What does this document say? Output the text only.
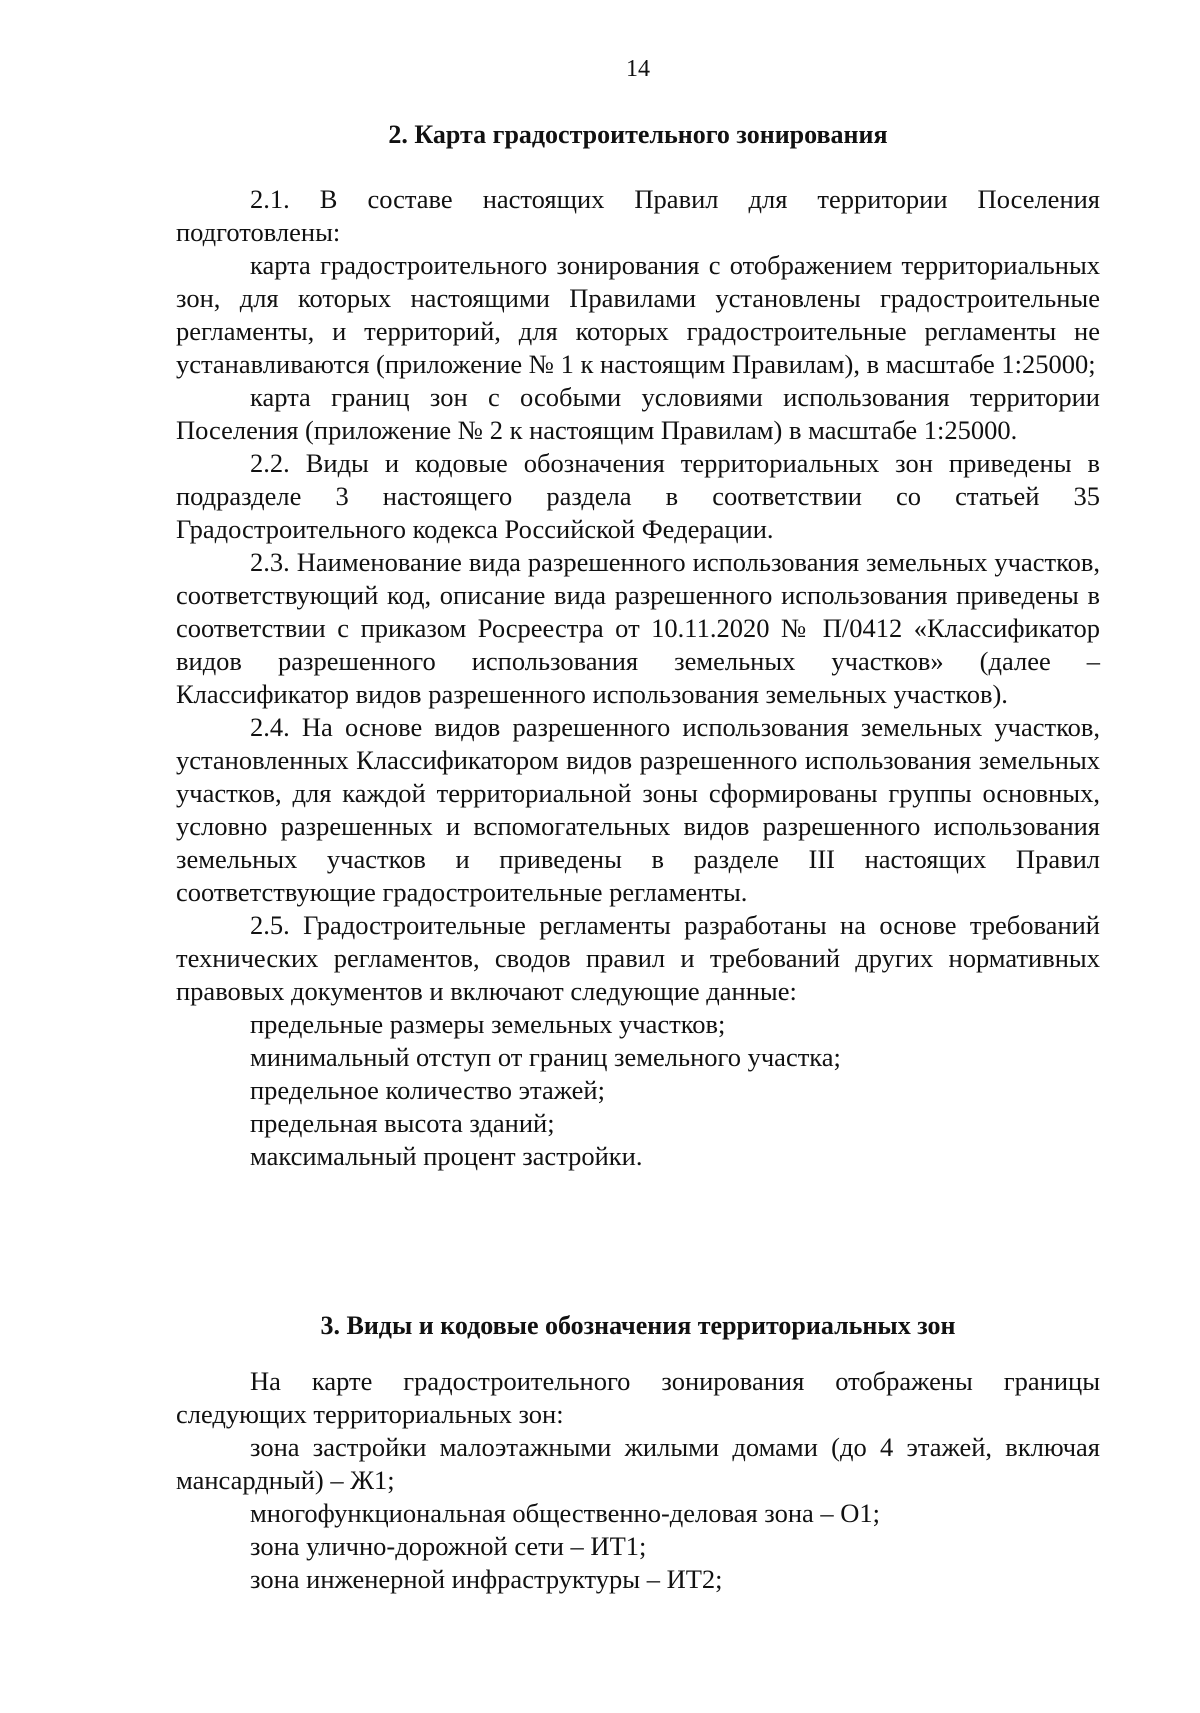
14
2. Карта градостроительного зонирования

2.1. В составе настоящих Правил для территории Поселения подготовлены:

карта градостроительного зонирования с отображением территориальных зон, для которых настоящими Правилами установлены градостроительные регламенты, и территорий, для которых градостроительные регламенты не устанавливаются (приложение № 1 к настоящим Правилам), в масштабе 1:25000;

карта границ зон с особыми условиями использования территории Поселения (приложение № 2 к настоящим Правилам) в масштабе 1:25000.

2.2. Виды и кодовые обозначения территориальных зон приведены в подразделе 3 настоящего раздела в соответствии со статьей 35 Градостроительного кодекса Российской Федерации.

2.3. Наименование вида разрешенного использования земельных участков, соответствующий код, описание вида разрешенного использования приведены в соответствии с приказом Росреестра от 10.11.2020 № П/0412 «Классификатор видов разрешенного использования земельных участков» (далее – Классификатор видов разрешенного использования земельных участков).

2.4. На основе видов разрешенного использования земельных участков, установленных Классификатором видов разрешенного использования земельных участков, для каждой территориальной зоны сформированы группы основных, условно разрешенных и вспомогательных видов разрешенного использования земельных участков и приведены в разделе III настоящих Правил соответствующие градостроительные регламенты.

2.5. Градостроительные регламенты разработаны на основе требований технических регламентов, сводов правил и требований других нормативных правовых документов и включают следующие данные:

предельные размеры земельных участков;

минимальный отступ от границ земельного участка;

предельное количество этажей;

предельная высота зданий;

максимальный процент застройки.

3. Виды и кодовые обозначения территориальных зон

На карте градостроительного зонирования отображены границы следующих территориальных зон:

зона застройки малоэтажными жилыми домами (до 4 этажей, включая мансардный) – Ж1;

многофункциональная общественно-деловая зона – О1;

зона улично-дорожной сети – ИТ1;

зона инженерной инфраструктуры – ИТ2;
